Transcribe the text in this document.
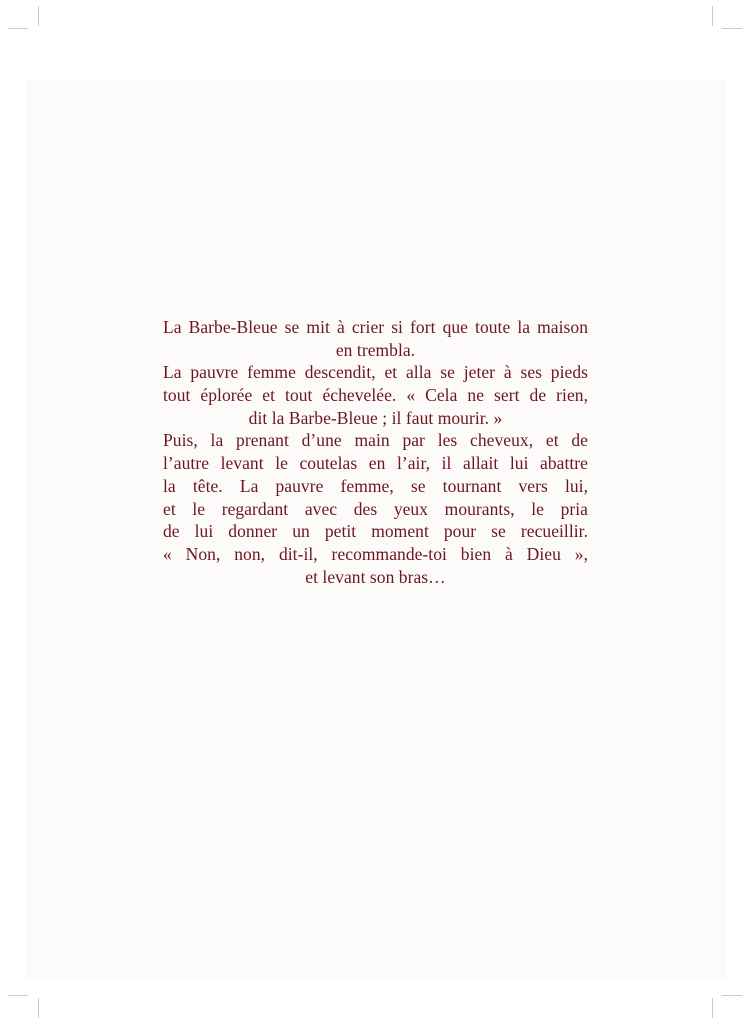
La Barbe-Bleue se mit à crier si fort que toute la maison
en trembla.
La pauvre femme descendit, et alla se jeter à ses pieds
tout éplorée et tout échevelée. « Cela ne sert de rien,
dit la Barbe-Bleue ; il faut mourir. »
Puis, la prenant d’une main par les cheveux, et de
l’autre levant le coutelas en l’air, il allait lui abattre
la tête. La pauvre femme, se tournant vers lui,
et le regardant avec des yeux mourants, le pria
de lui donner un petit moment pour se recueillir.
« Non, non, dit-il, recommande-toi bien à Dieu »,
et levant son bras…
